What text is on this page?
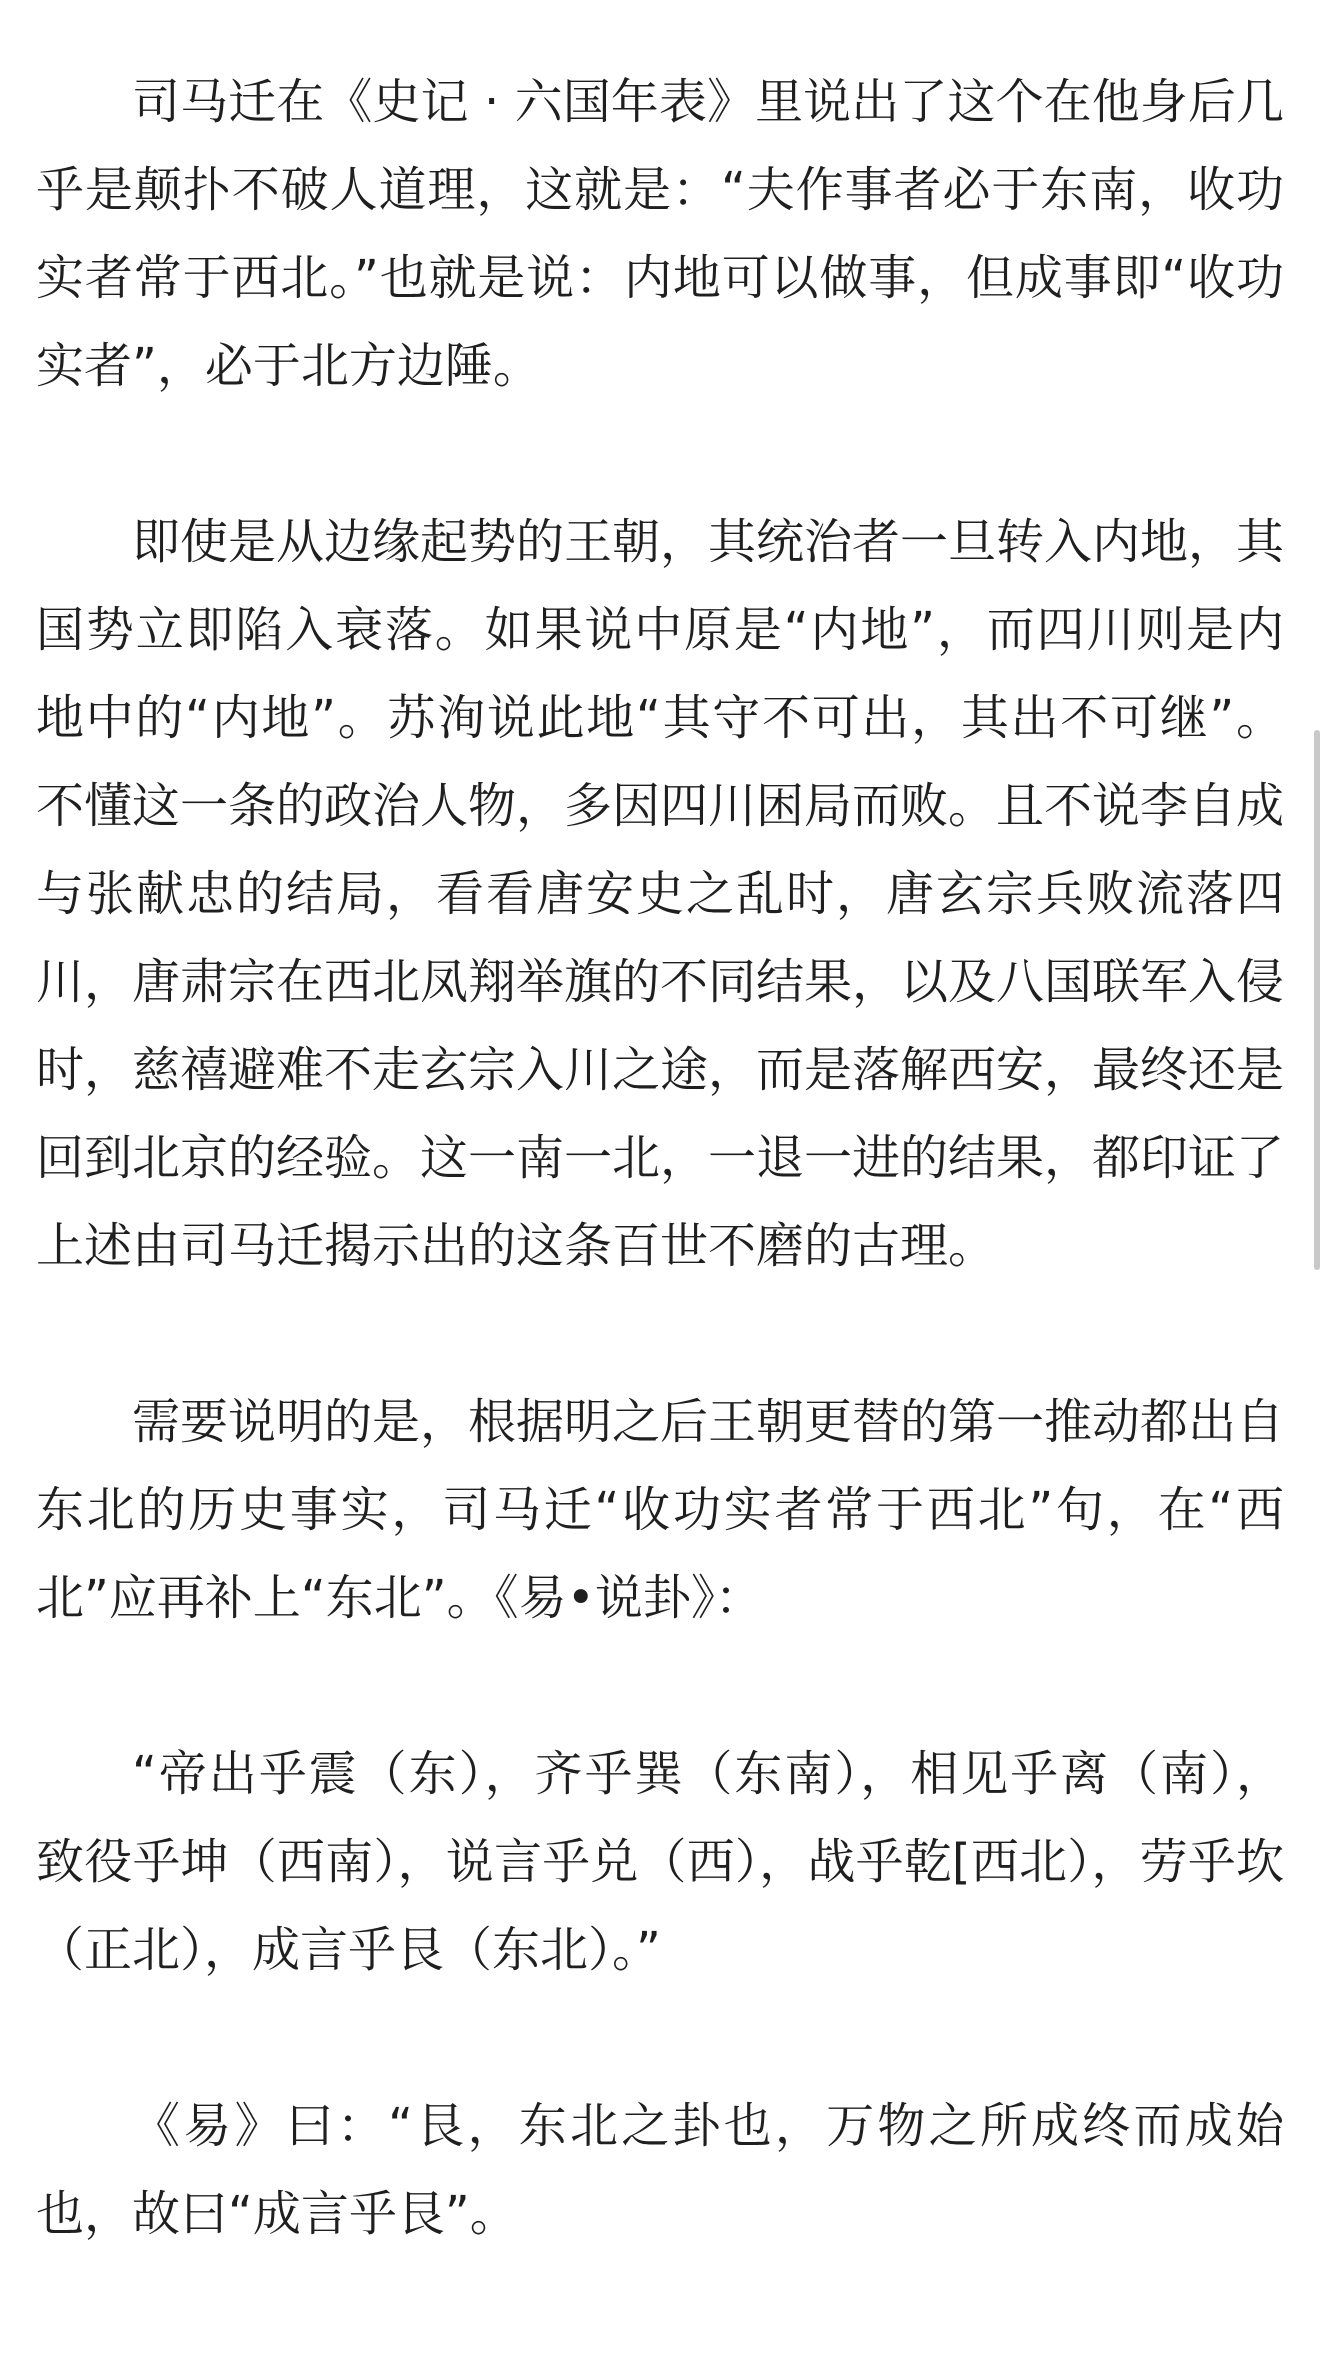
司马迁在《史记 · 六国年表》里说出了这个在他身后几乎是颠扑不破人道理，这就是：“夫作事者必于东南，收功实者常于西北。”也就是说：内地可以做事，但成事即“收功实者”，必于北方边陲。

即使是从边缘起势的王朝，其统治者一旦转入内地，其国势立即陷入衰落。如果说中原是“内地”，而四川则是内地中的“内地”。苏洵说此地“其守不可出，其出不可继”。不懂这一条的政治人物，多因四川困局而败。且不说李自成与张献忠的结局，看看唐安史之乱时，唐玄宗兵败流落四川，唐肃宗在西北凤翔举旗的不同结果，以及八国联军入侵时，慈禧避难不走玄宗入川之途，而是落解西安，最终还是回到北京的经验。这一南一北，一退一进的结果，都印证了上述由司马迁揭示出的这条百世不磨的古理。

需要说明的是，根据明之后王朝更替的第一推动都出自东北的历史事实，司马迁“收功实者常于西北”句，在“西北”应再补上“东北”。《易•说卦》：

“帝出乎震（东），齐乎巽（东南），相见乎离（南），致役乎坤（西南），说言乎兑（西），战乎乾[西北），劳乎坎（正北），成言乎艮（东北）。”

《易》曰：“艮，东北之卦也，万物之所成终而成始也，故曰“成言乎艮”。
